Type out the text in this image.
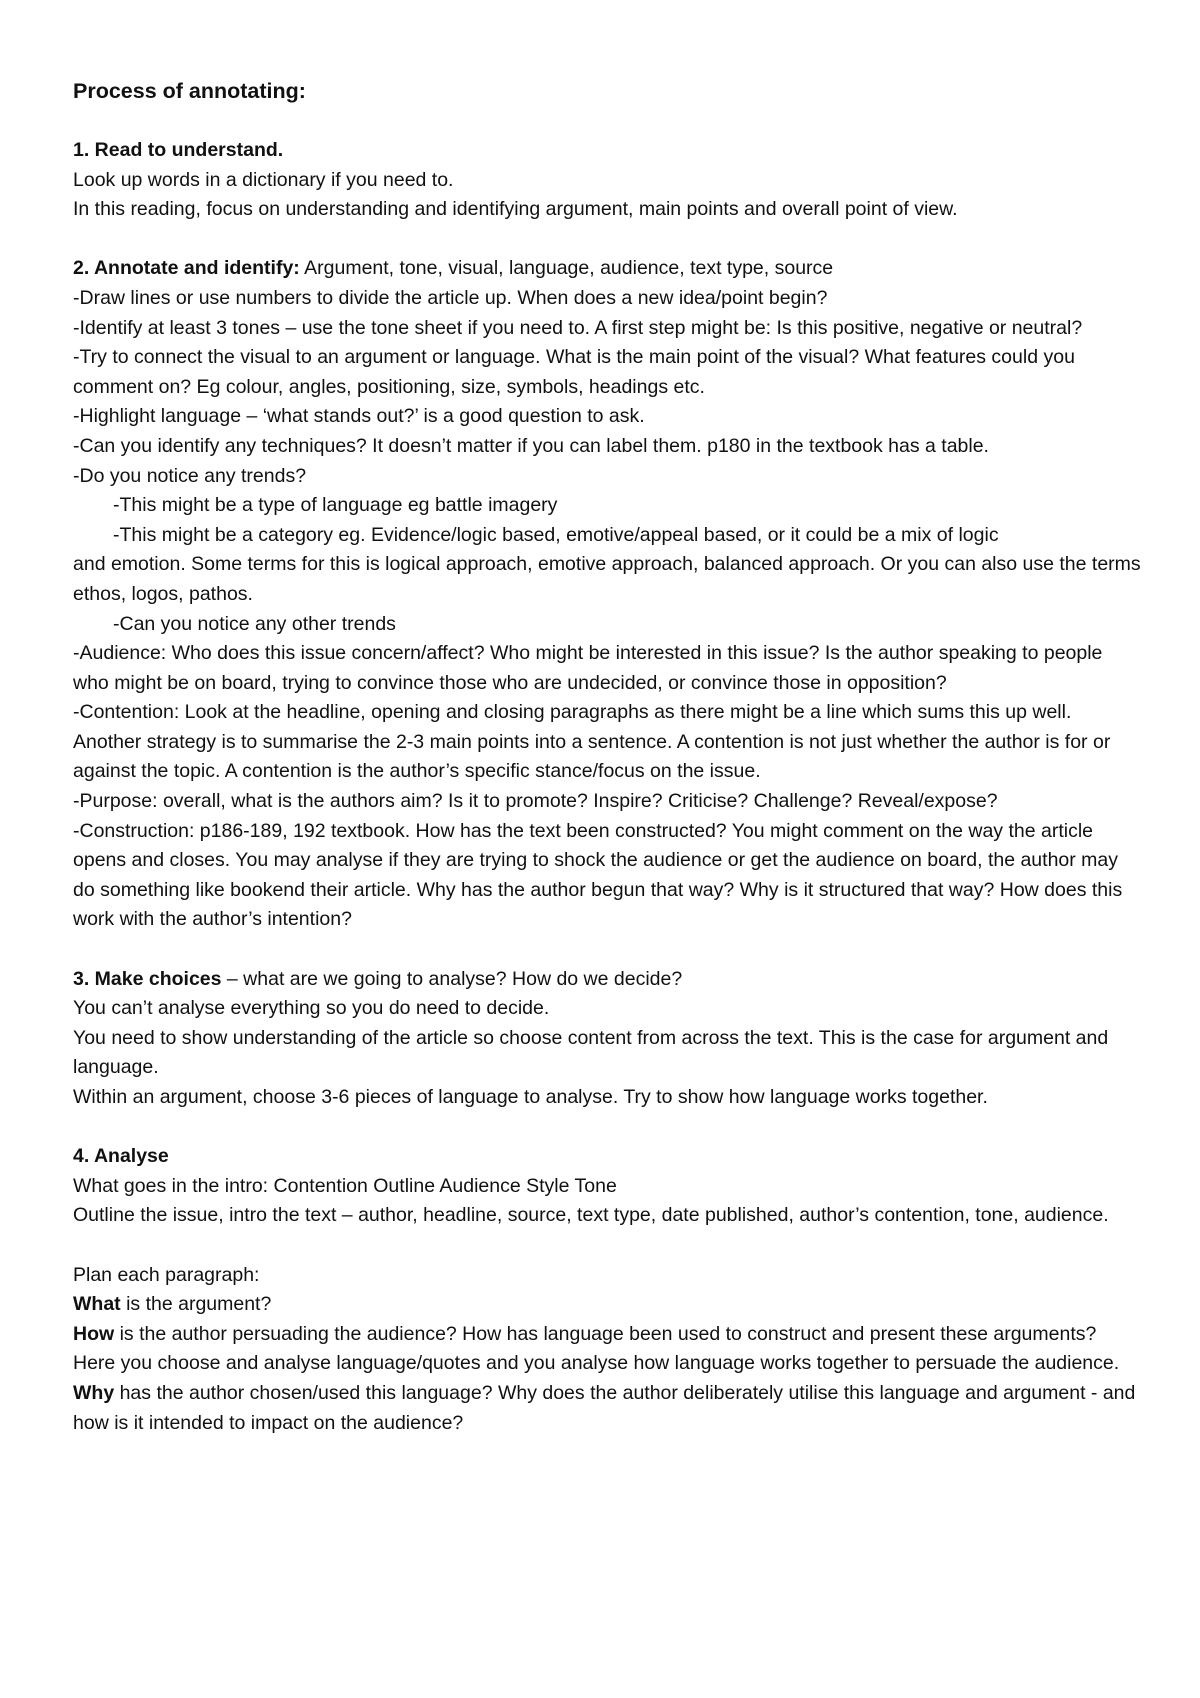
Process of annotating:

1. Read to understand.

Look up words in a dictionary if you need to.

In this reading, focus on understanding and identifying argument, main points and overall point of view.

2. Annotate and identify: Argument, tone, visual, language, audience, text type, source

-Draw lines or use numbers to divide the article up. When does a new idea/point begin?

-Identify at least 3 tones – use the tone sheet if you need to. A first step might be: Is this positive, negative or neutral?

-Try to connect the visual to an argument or language. What is the main point of the visual? What features could you comment on? Eg colour, angles, positioning, size, symbols, headings etc.

-Highlight language – ‘what stands out?’ is a good question to ask.

-Can you identify any techniques? It doesn’t matter if you can label them. p180 in the textbook has a table.

-Do you notice any trends?

-This might be a type of language eg battle imagery

-This might be a category eg. Evidence/logic based, emotive/appeal based, or it could be a mix of logic

and emotion. Some terms for this is logical approach, emotive approach, balanced approach. Or you can also use the terms ethos, logos, pathos.

-Can you notice any other trends

-Audience: Who does this issue concern/affect? Who might be interested in this issue? Is the author speaking to people who might be on board, trying to convince those who are undecided, or convince those in opposition?

-Contention: Look at the headline, opening and closing paragraphs as there might be a line which sums this up well. Another strategy is to summarise the 2-3 main points into a sentence. A contention is not just whether the author is for or against the topic. A contention is the author’s specific stance/focus on the issue.

-Purpose: overall, what is the authors aim? Is it to promote? Inspire? Criticise? Challenge? Reveal/expose?

-Construction: p186-189, 192 textbook. How has the text been constructed? You might comment on the way the article opens and closes. You may analyse if they are trying to shock the audience or get the audience on board, the author may do something like bookend their article. Why has the author begun that way? Why is it structured that way? How does this work with the author’s intention?

3. Make choices – what are we going to analyse? How do we decide?

You can’t analyse everything so you do need to decide.

You need to show understanding of the article so choose content from across the text. This is the case for argument and language.

Within an argument, choose 3-6 pieces of language to analyse. Try to show how language works together.

4. Analyse

What goes in the intro: Contention Outline Audience Style Tone

Outline the issue, intro the text – author, headline, source, text type, date published, author’s contention, tone, audience.

Plan each paragraph:

What is the argument?

How is the author persuading the audience? How has language been used to construct and present these arguments? Here you choose and analyse language/quotes and you analyse how language works together to persuade the audience.

Why has the author chosen/used this language? Why does the author deliberately utilise this language and argument - and how is it intended to impact on the audience?
